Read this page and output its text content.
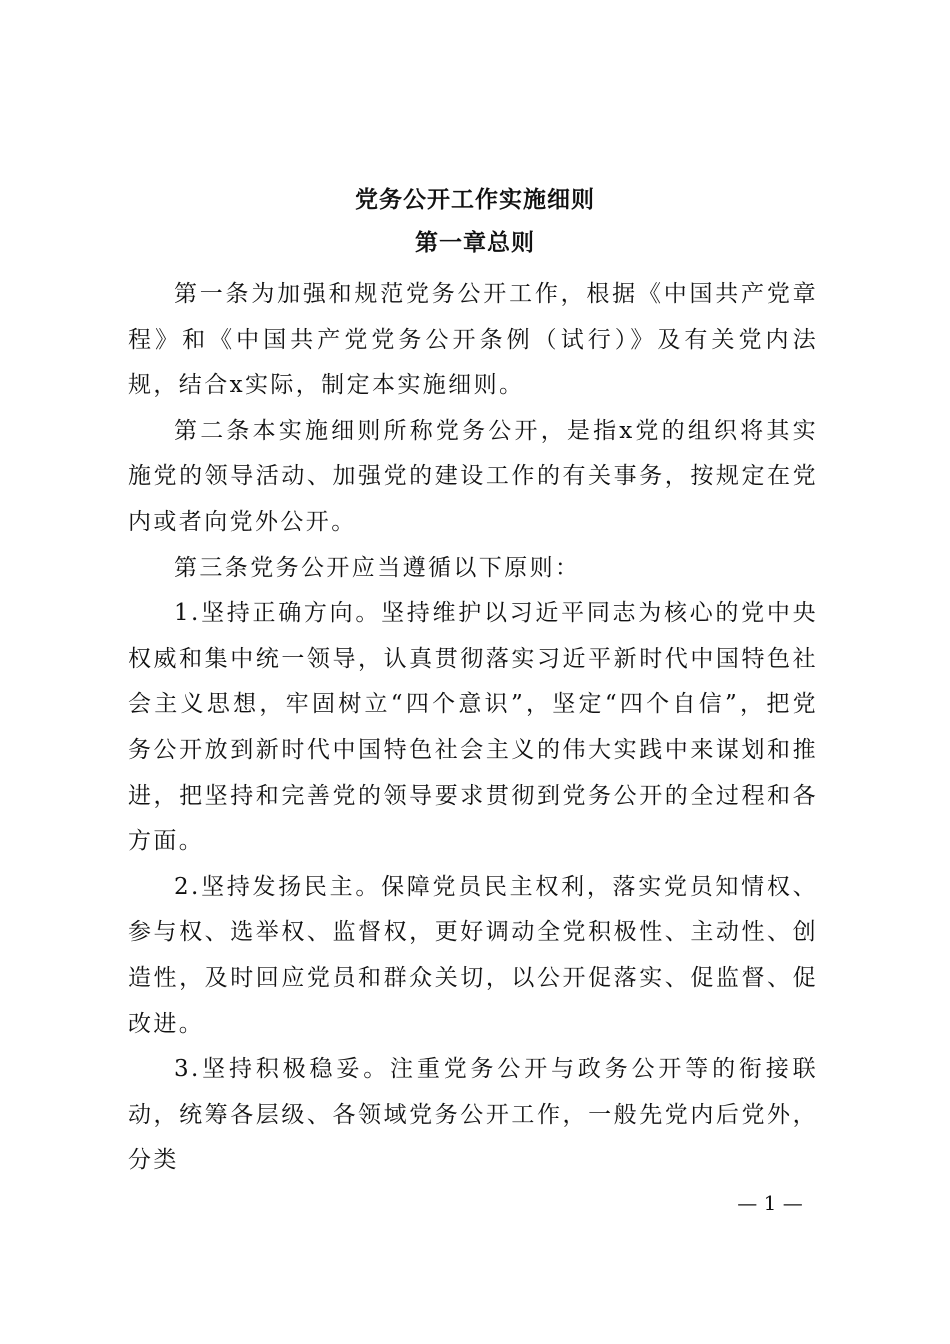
党务公开工作实施细则
第一章总则

第一条为加强和规范党务公开工作，根据《中国共产党章程》和《中国共产党党务公开条例（试行）》及有关党内法规，结合x实际，制定本实施细则。

第二条本实施细则所称党务公开，是指x党的组织将其实施党的领导活动、加强党的建设工作的有关事务，按规定在党内或者向党外公开。

第三条党务公开应当遵循以下原则：

1.坚持正确方向。坚持维护以习近平同志为核心的党中央权威和集中统一领导，认真贯彻落实习近平新时代中国特色社会主义思想，牢固树立“四个意识”，坚定“四个自信”，把党务公开放到新时代中国特色社会主义的伟大实践中来谋划和推进，把坚持和完善党的领导要求贯彻到党务公开的全过程和各方面。

2.坚持发扬民主。保障党员民主权利，落实党员知情权、参与权、选举权、监督权，更好调动全党积极性、主动性、创造性，及时回应党员和群众关切，以公开促落实、促监督、促改进。

3.坚持积极稳妥。注重党务公开与政务公开等的衔接联动，统筹各层级、各领域党务公开工作，一般先党内后党外，分类

— 1 —
